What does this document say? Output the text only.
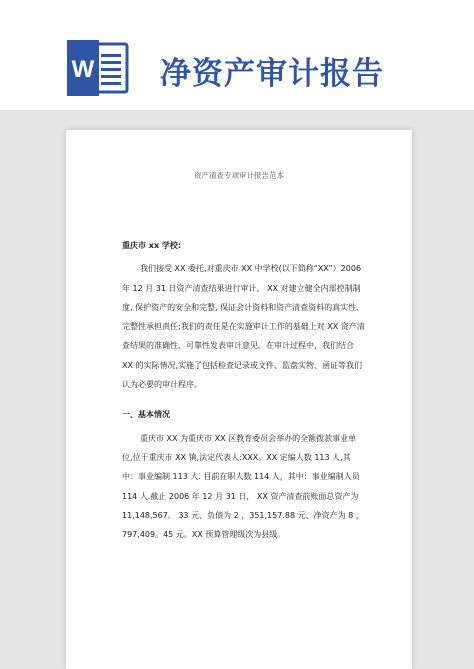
W 净资产审计报告
资产清查专项审计报告范本

重庆市 xx 学校:

我们接受 XX 委托,对重庆市 XX 中学校(以下简称“XX”）2006 年 12 月 31 日资产清查结果进行审计。 XX 对建立健全内部控制制度, 保护资产的安全和完整, 保证会计资料和资产清查资料的真实性、完整性承担责任;我们的责任是在实施审计工作的基础上对 XX 资产清查结果的准确性、可靠性发表审计意见。在审计过程中，我们结合 XX 的实际情况,实施了包括检查记录或文件、监盘实物、函证等我们认为必要的审计程序。

一、基本情况

重庆市 XX 为重庆市 XX 区教育委员会举办的全额拨款事业单位,位于重庆市 XX 镇,法定代表人:XXX。XX 定编人数 113 人,其中：事业编制 113 人. 目前在职人数 114 人，其中：事业编制人员 114 人.截止 2006 年 12 月 31 日， XX 资产清查前账面总资产为 11,148,567。 33 元、负债为 2 ，351,157.88 元、净资产为 8 ，797,409。45 元。XX 预算管理级次为县级。
